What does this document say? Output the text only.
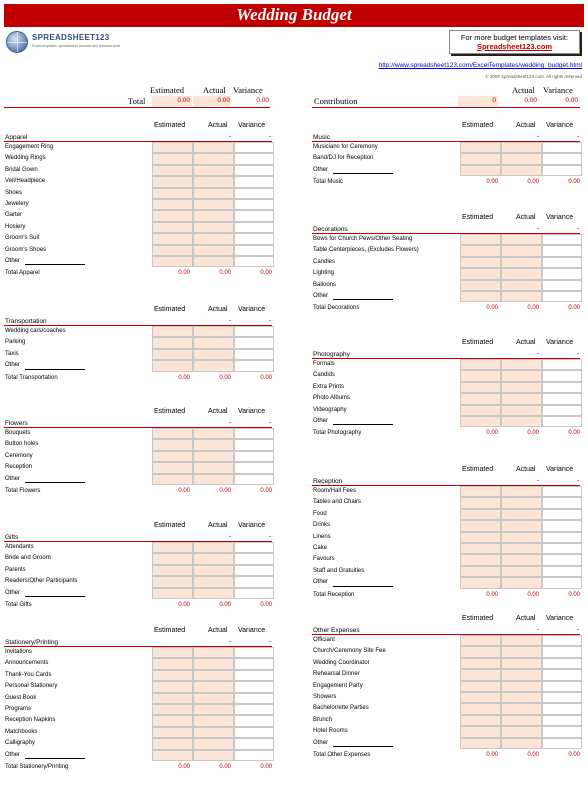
Wedding Budget
SPREADSHEET123
Excel templates, spreadsheet tutorials and financial tools
For more budget templates visit:
Spreadsheet123.com
http://www.spreadsheet123.com/ExcelTemplates/wedding_budget.html
© 2009 Spreadsheet123.com. All rights reserved
Estimated Actual Variance
Total	0.00	0.00	0.00
Actual Variance
Contribution	0	0.00	0.00
Estimated	Actual Variance
Apparel	-	-
Engagement Ring
Wedding Rings
Bridal Gown
Veil/Headpiece
Shoes
Jewelery
Garter
Hosiery
Groom's Suit
Groom's Shoes
Other
Total Apparel	0.00	0.00	0.00
Estimated	Actual Variance
Transportation	-	-
Wedding cars/coaches
Parking
Taxis
Other
Total Transportation	0.00	0.00	0.00
Estimated	Actual Variance
Flowers	-	-
Bouquets
Button holes
Ceremony
Reception
Other
Total Flowers	0.00	0.00	0.00
Estimated	Actual Variance
Gifts	-	-
Attendants
Bride and Groom
Parents
Readers/Other Participants
Other
Total Gifts	0.00	0.00	0.00
Estimated	Actual Variance
Stationery/Printing	-	-
Invitations
Announcements
Thank-You Cards
Personal Stationery
Guest Book
Programs
Reception Napkins
Matchbooks
Calligraphy
Other
Total Stationery/Printing	0.00	0.00	0.00
Estimated	Actual Variance
Music	-	-
Musicians for Ceremony
Band/DJ for Reception
Other
Total Music	0.00	0.00	0.00
Estimated	Actual Variance
Decorations	-	-
Bows for Church Pews/Other Seating
Table Centerpieces, (Excludes Flowers)
Candles
Lighting
Balloons
Other
Total Decorations	0.00	0.00	0.00
Estimated	Actual Variance
Photography	-	-
Formals
Candids
Extra Prints
Photo Albums
Videography
Other
Total Photography	0.00	0.00	0.00
Estimated	Actual Variance
Reception	-	-
Room/Hall Fees
Tables and Chairs
Food
Drinks
Linens
Cake
Favours
Staff and Gratuities
Other
Total Reception	0.00	0.00	0.00
Estimated	Actual Variance
Other Expenses	-	-
Officiant
Church/Ceremony Site Fee
Wedding Coordinator
Rehearsal Dinner
Engagement Party
Showers
Bachelor/ette Parties
Brunch
Hotel Rooms
Other
Total Other Expenses	0.00	0.00	0.00
